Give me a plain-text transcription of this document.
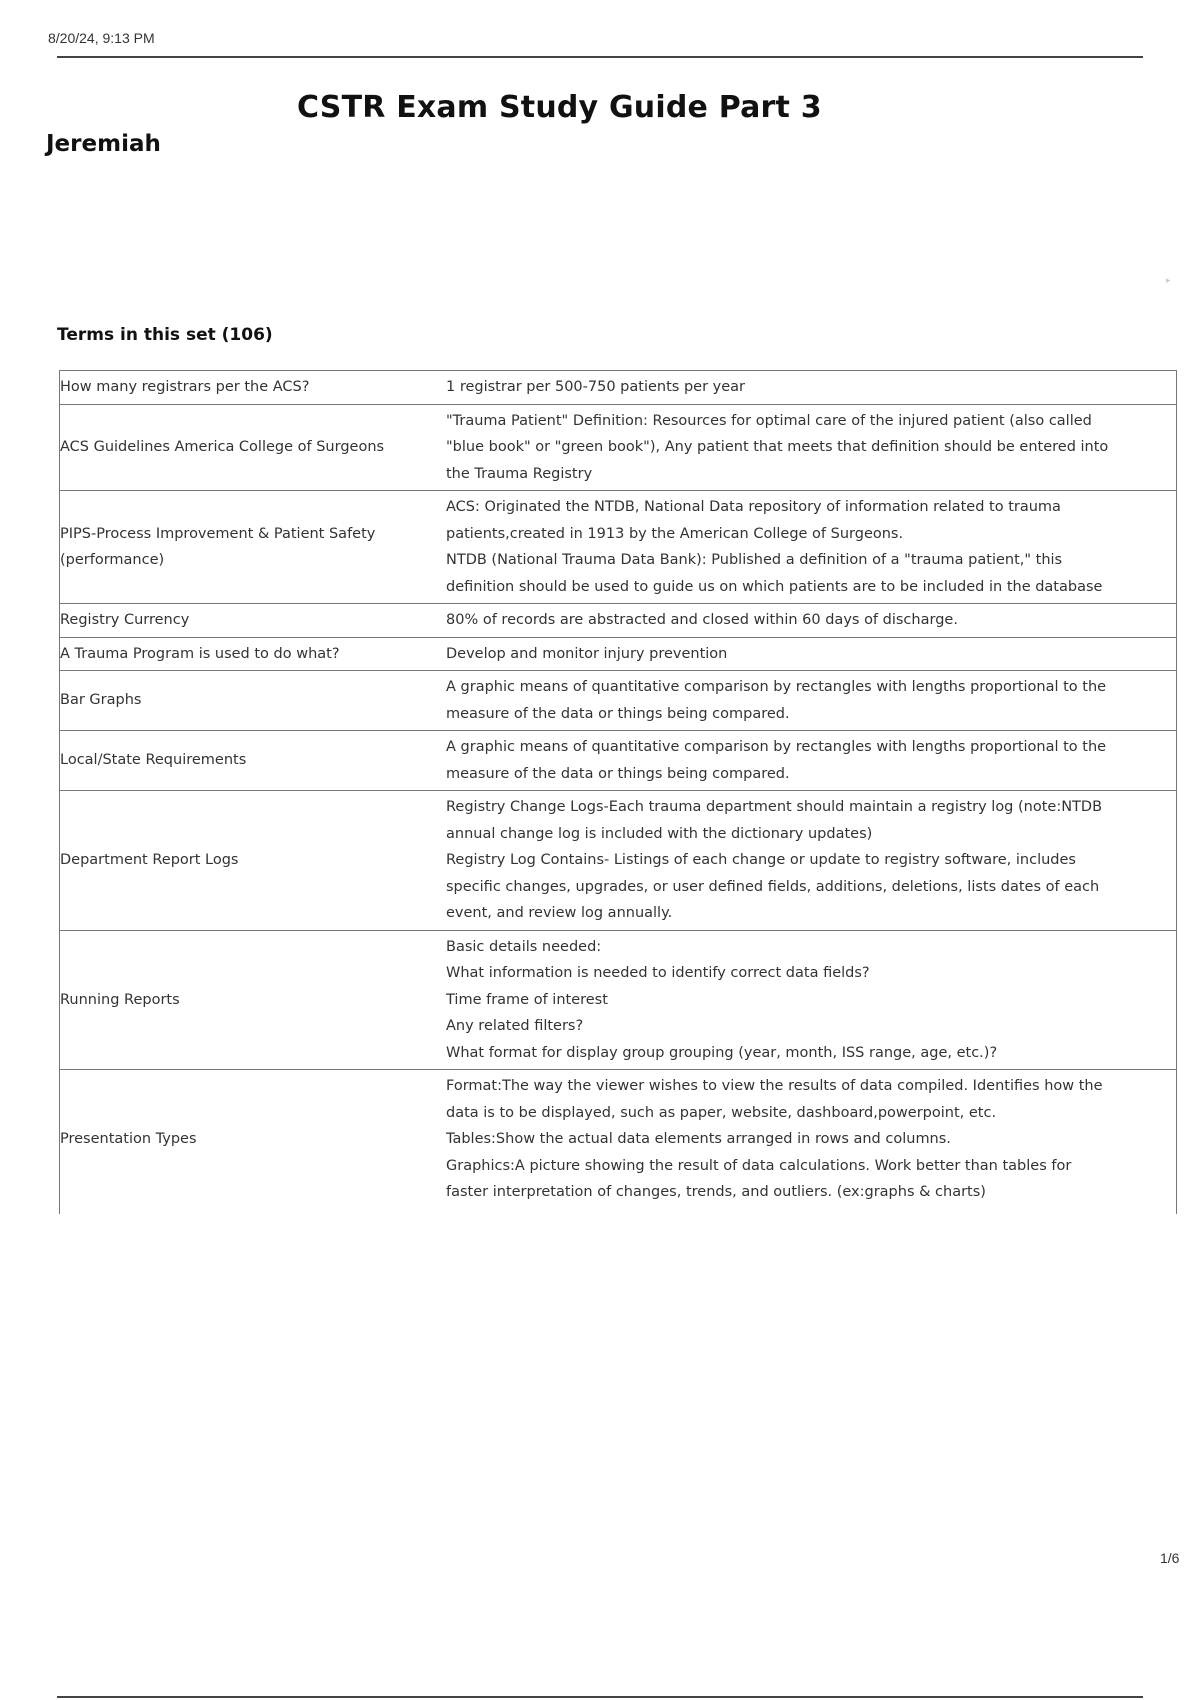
8/20/24, 9:13 PM
CSTR Exam Study Guide Part 3
Jeremiah
▸
Terms in this set (106)
How many registrars per the ACS?	1 registrar per 500-750 patients per year

ACS Guidelines America College of Surgeons	"Trauma Patient" Definition: Resources for optimal care of the injured patient (also called "blue book" or "green book"), Any patient that meets that definition should be entered into the Trauma Registry

PIPS-Process Improvement & Patient Safety (performance)	ACS: Originated the NTDB, National Data repository of information related to trauma patients,created in 1913 by the American College of Surgeons.
NTDB (National Trauma Data Bank): Published a definition of a "trauma patient," this definition should be used to guide us on which patients are to be included in the database

Registry Currency	80% of records are abstracted and closed within 60 days of discharge.

A Trauma Program is used to do what?	Develop and monitor injury prevention

Bar Graphs	A graphic means of quantitative comparison by rectangles with lengths proportional to the measure of the data or things being compared.

Local/State Requirements	A graphic means of quantitative comparison by rectangles with lengths proportional to the measure of the data or things being compared.

Department Report Logs	Registry Change Logs-Each trauma department should maintain a registry log (note:NTDB annual change log is included with the dictionary updates)
Registry Log Contains- Listings of each change or update to registry software, includes specific changes, upgrades, or user defined fields, additions, deletions, lists dates of each event, and review log annually.

Running Reports	Basic details needed:
What information is needed to identify correct data fields?
Time frame of interest
Any related filters?
What format for display group grouping (year, month, ISS range, age, etc.)?

Presentation Types	Format:The way the viewer wishes to view the results of data compiled. Identifies how the data is to be displayed, such as paper, website, dashboard,powerpoint, etc.
Tables:Show the actual data elements arranged in rows and columns.
Graphics:A picture showing the result of data calculations. Work better than tables for faster interpretation of changes, trends, and outliers. (ex:graphs & charts)
1/6
